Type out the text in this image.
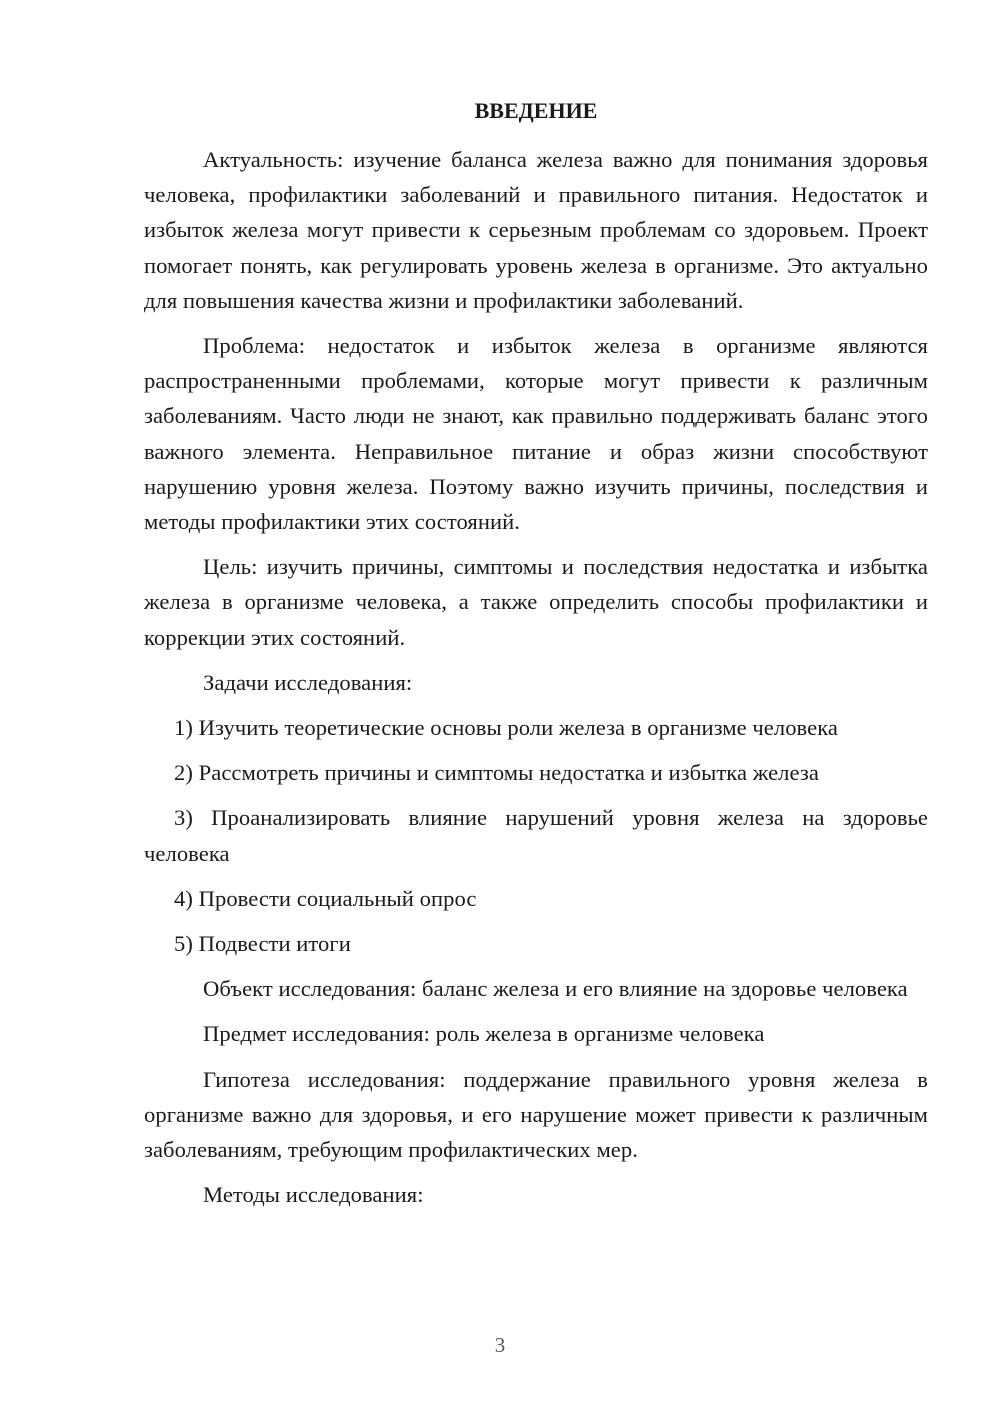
ВВЕДЕНИЕ

Актуальность: изучение баланса железа важно для понимания здоровья человека, профилактики заболеваний и правильного питания. Недостаток и избыток железа могут привести к серьезным проблемам со здоровьем. Проект помогает понять, как регулировать уровень железа в организме. Это актуально для повышения качества жизни и профилактики заболеваний.

Проблема: недостаток и избыток железа в организме являются распространенными проблемами, которые могут привести к различным заболеваниям. Часто люди не знают, как правильно поддерживать баланс этого важного элемента. Неправильное питание и образ жизни способствуют нарушению уровня железа. Поэтому важно изучить причины, последствия и методы профилактики этих состояний.

Цель: изучить причины, симптомы и последствия недостатка и избытка железа в организме человека, а также определить способы профилактики и коррекции этих состояний.

Задачи исследования:

1) Изучить теоретические основы роли железа в организме человека

2) Рассмотреть причины и симптомы недостатка и избытка железа

3) Проанализировать влияние нарушений уровня железа на здоровье человека

4) Провести социальный опрос

5) Подвести итоги

Объект исследования: баланс железа и его влияние на здоровье человека

Предмет исследования: роль железа в организме человека

Гипотеза исследования: поддержание правильного уровня железа в организме важно для здоровья, и его нарушение может привести к различным заболеваниям, требующим профилактических мер.

Методы исследования:

3
